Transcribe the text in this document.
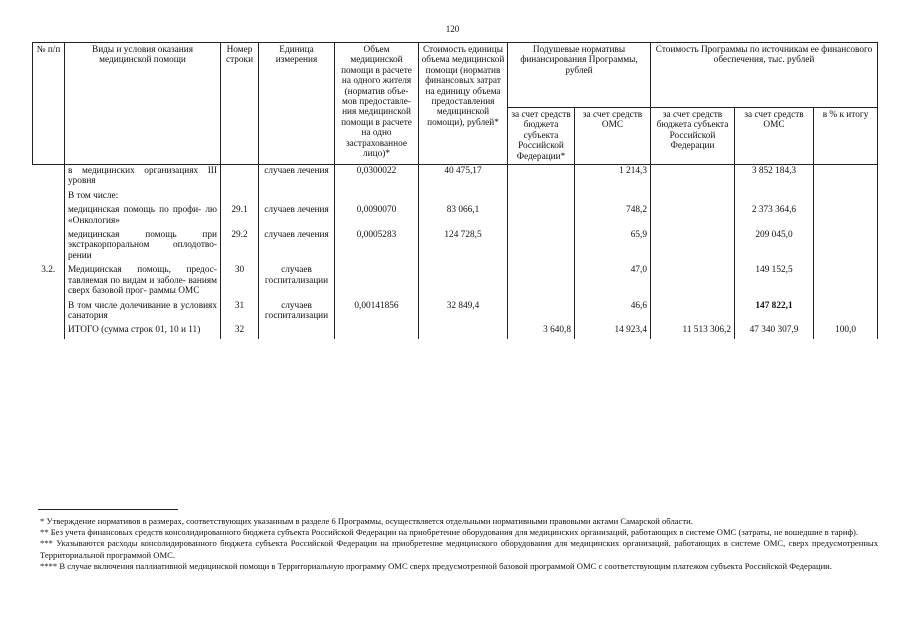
120
№ п/п	Виды и условия оказания медицинской помощи	Номер строки	Единица измерения	Объем медицинской помощи в расчете на одного жителя (норматив объе- мов предоставле- ния медицинской помощи в расчете на одно застрахованное лицо)*	Стоимость единицы объема медицинской помощи (норматив финансовых затрат на единицу объема предоставления медицинской помощи), рублей*	Подушевые нормативы финансирования Программы, рублей		Стоимость Программы по источникам ее финансового обеспечения, тыс. рублей		
						за счет средств бюджета субъекта Российской Федерации*	за счет средств ОМС	за счет средств бюджета субъекта Российской Федерации	за счет средств ОМС	в % к итогу
	в медицинских организациях III уровня		случаев лечения	0,0300022	40 475,17		1 214,3		3 852 184,3	
	В том числе:									
	медицинская помощь по профи- лю «Онкология»	29.1	случаев лечения	0,0090070	83 066,1		748,2		2 373 364,6	
	медицинская помощь при экстракорпоральном оплодотво- рении	29.2	случаев лечения	0,0005283	124 728,5		65,9		209 045,0	
3.2.	Медицинская помощь, предос- тавляемая по видам и заболе- ваниям сверх базовой прог- раммы ОМС	30	случаев госпитализации				47,0		149 152,5	
	В том числе долечивание в условиях санатория	31	случаев госпитализации	0,00141856	32 849,4		46,6		147 822,1	
	ИТОГО (сумма строк 01, 10 и 11)	32				3 640,8	14 923,4	11 513 306,2	47 340 307,9	100,0

* Утверждение нормативов в размерах, соответствующих указанным в разделе 6 Программы, осуществляется отдельными нормативными правовыми актами Самарской области.

** Без учета финансовых средств консолидированного бюджета субъекта Российской Федерации на приобретение оборудования для медицинских организаций, работающих в системе ОМС (затраты, не вошедшие в тариф).

*** Указываются расходы консолидированного бюджета субъекта Российской Федерации на приобретение медицинского оборудования для медицинских организаций, работающих в системе ОМС, сверх предусмотренных Территориальной программой ОМС.

**** В случае включения паллиативной медицинской помощи в Территориальную программу ОМС сверх предусмотренной базовой программой ОМС с соответствующим платежом субъекта Российской Федерации.
